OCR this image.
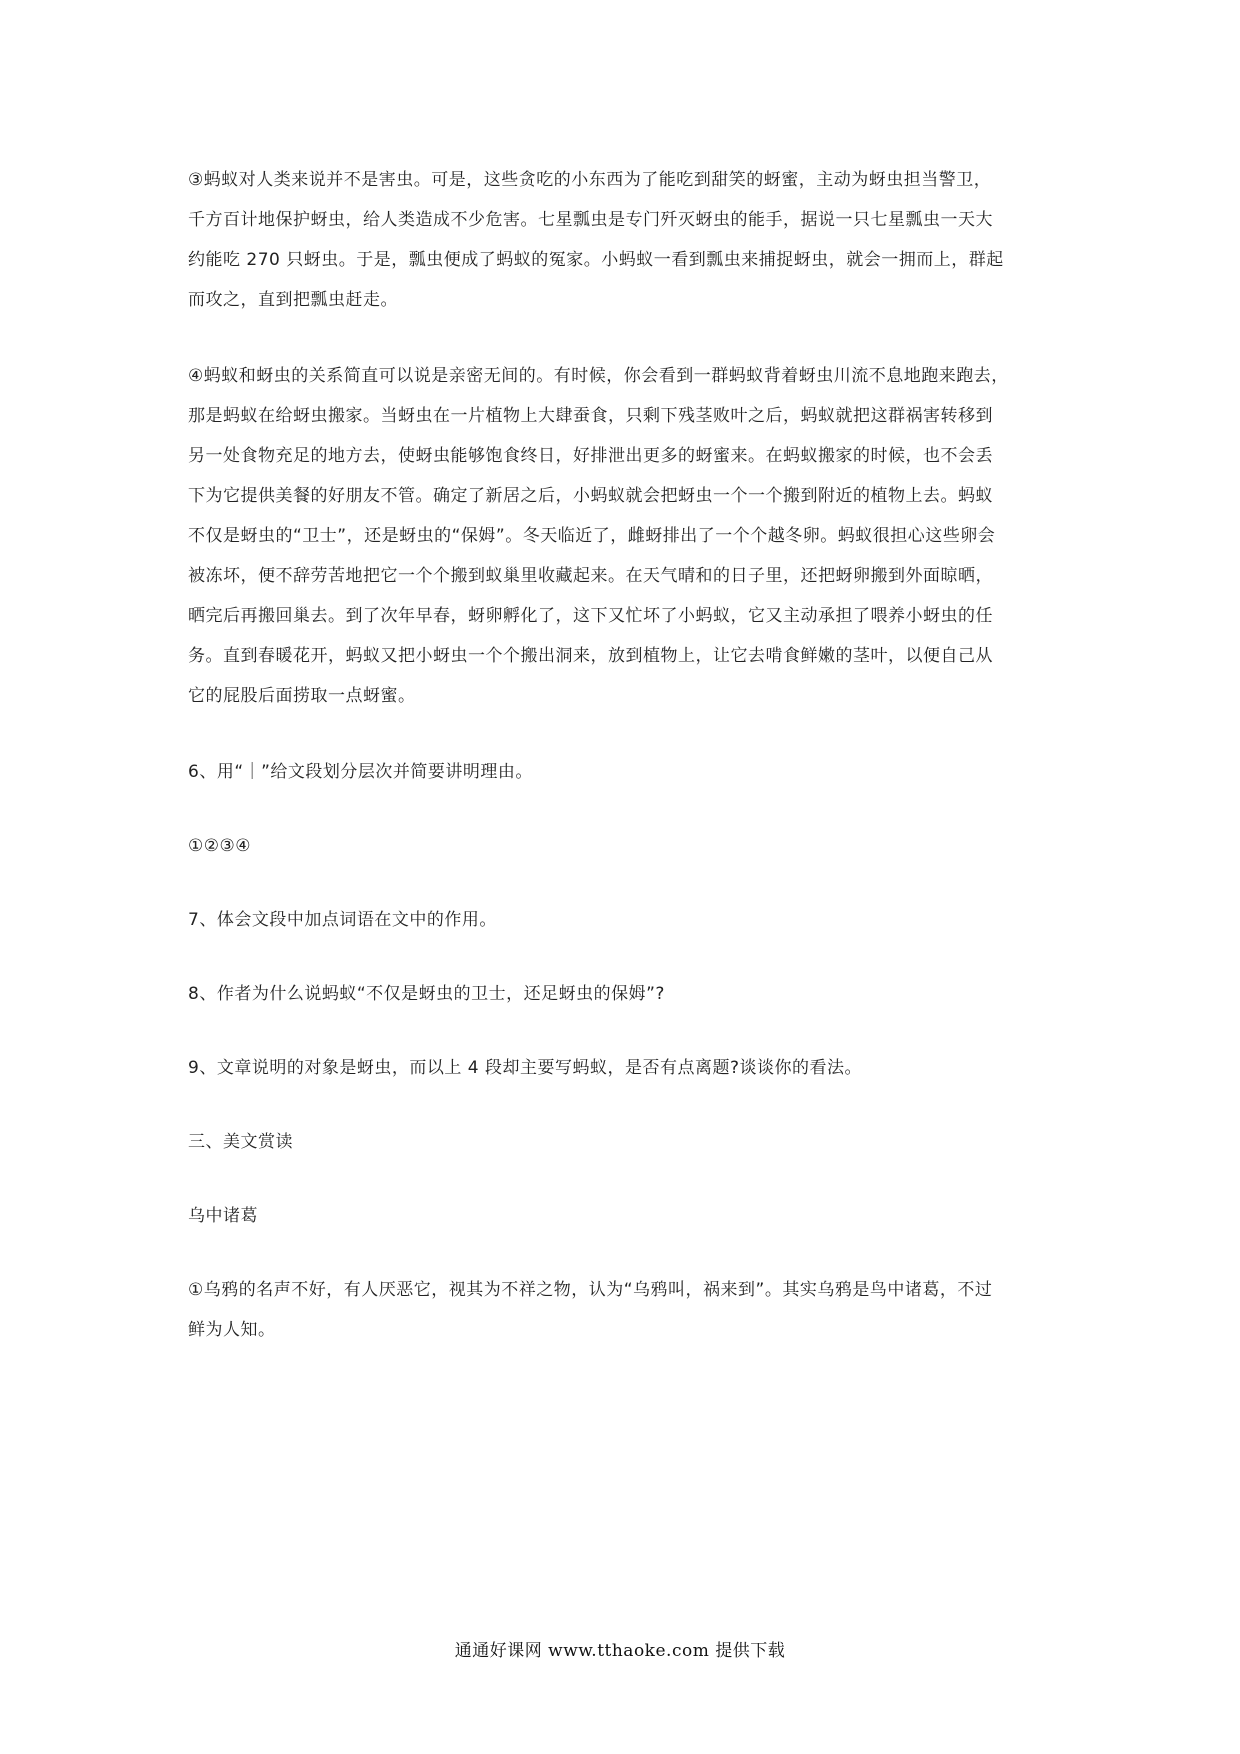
③蚂蚁对人类来说并不是害虫。可是，这些贪吃的小东西为了能吃到甜笑的蚜蜜，主动为蚜虫担当警卫，
千方百计地保护蚜虫，给人类造成不少危害。七星瓢虫是专门歼灭蚜虫的能手，据说一只七星瓢虫一天大
约能吃 270 只蚜虫。于是，瓢虫便成了蚂蚁的冤家。小蚂蚁一看到瓢虫来捕捉蚜虫，就会一拥而上，群起
而攻之，直到把瓢虫赶走。
④蚂蚁和蚜虫的关系简直可以说是亲密无间的。有时候，你会看到一群蚂蚁背着蚜虫川流不息地跑来跑去，
那是蚂蚁在给蚜虫搬家。当蚜虫在一片植物上大肆蚕食，只剩下残茎败叶之后，蚂蚁就把这群祸害转移到
另一处食物充足的地方去，使蚜虫能够饱食终日，好排泄出更多的蚜蜜来。在蚂蚁搬家的时候，也不会丢
下为它提供美餐的好朋友不管。确定了新居之后，小蚂蚁就会把蚜虫一个一个搬到附近的植物上去。蚂蚁
不仅是蚜虫的“卫士”，还是蚜虫的“保姆”。冬天临近了，雌蚜排出了一个个越冬卵。蚂蚁很担心这些卵会
被冻坏，便不辞劳苦地把它一个个搬到蚁巢里收藏起来。在天气晴和的日子里，还把蚜卵搬到外面晾晒，
晒完后再搬回巢去。到了次年早春，蚜卵孵化了，这下又忙坏了小蚂蚁，它又主动承担了喂养小蚜虫的任
务。直到春暖花开，蚂蚁又把小蚜虫一个个搬出洞来，放到植物上，让它去啃食鲜嫩的茎叶，以便自己从
它的屁股后面捞取一点蚜蜜。
6、用“｜”给文段划分层次并简要讲明理由。
①②③④
7、体会文段中加点词语在文中的作用。
8、作者为什么说蚂蚁“不仅是蚜虫的卫士，还足蚜虫的保姆”?
9、文章说明的对象是蚜虫，而以上 4 段却主要写蚂蚁，是否有点离题?谈谈你的看法。
三、美文赏读
乌中诸葛
①乌鸦的名声不好，有人厌恶它，视其为不祥之物，认为“乌鸦叫，祸来到”。其实乌鸦是鸟中诸葛，不过
鲜为人知。
通通好课网 www.tthaoke.com 提供下载
